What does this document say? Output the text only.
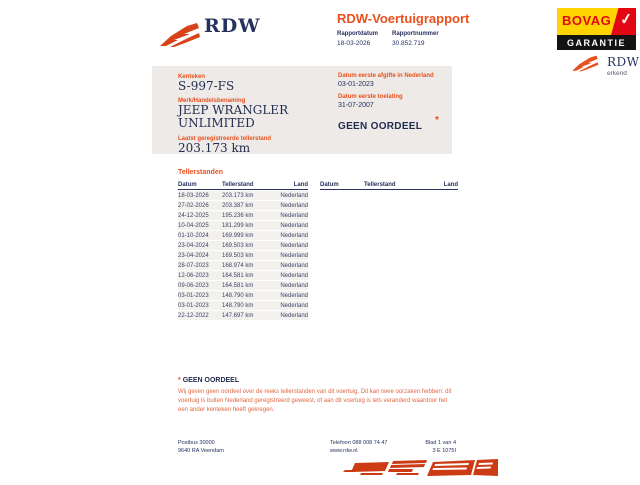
RDW	RDW-Voertuigrapport
Rapportdatum
18-03-2026
Rapportnummer
30.852.719
BOVAG ✓
GARANTIE
RDW
erkend
Kenteken
S-997-FS
Merk/Handelsbenaming
JEEP WRANGLER
UNLIMITED
Laatst geregistreerde tellerstand
203.173 km
Datum eerste afgifte in Nederland
03-01-2023
Datum eerste toelating
31-07-2007
GEEN OORDEEL
*
Tellerstanden
Datum	Tellerstand	Land
18-03-2026	203.173 km	Nederland
27-02-2026	203.387 km	Nederland
24-12-2025	195.236 km	Nederland
10-04-2025	181.299 km	Nederland
01-10-2024	169.999 km	Nederland
23-04-2024	169.503 km	Nederland
23-04-2024	169.503 km	Nederland
28-07-2023	168.974 km	Nederland
12-06-2023	164.581 km	Nederland
09-06-2023	164.581 km	Nederland
03-01-2023	148.790 km	Nederland
03-01-2023	148.790 km	Nederland
22-12-2022	147.697 km	Nederland
Datum	Tellerstand	Land
* GEEN OORDEEL
Wij geven geen oordeel over de reeks tellerstanden van dit voertuig. Dit kan twee oorzaken hebben: dit voertuig is buiten Nederland geregistreerd geweest, of aan dit voertuig is iets veranderd waardoor het een ander kenteken heeft gekregen.
Postbus 30000
9640 RA Veendam
Telefoon 088 008 74 47
www.rdw.nl
Blad 1 van 4
3 E 1075I
